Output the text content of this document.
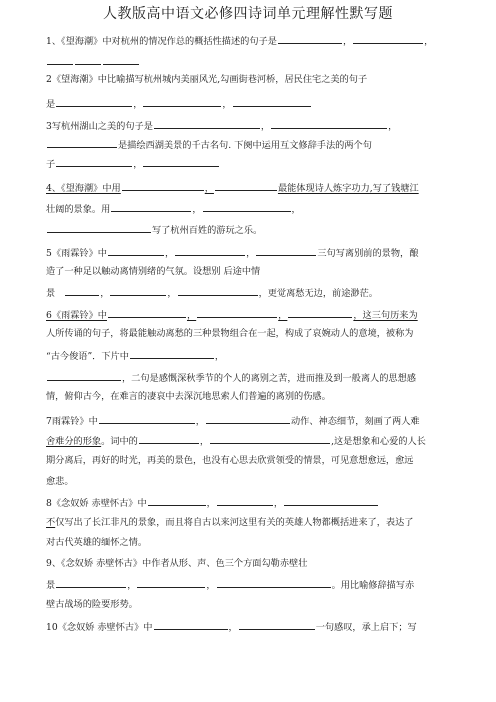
人教版高中语文必修四诗词单元理解性默写题
1、《望海潮》中对杭州的情况作总的概括性描述的句子是	，	，
2《望海潮》中比喻描写杭州城内美丽风光,勾画街巷河桥，居民住宅之美的句子
是	，	，
3写杭州湖山之美的句子是	，	，
是描绘西湖美景的千古名句. 下阕中运用互文修辞手法的两个句
子	，
4、《望海潮》中用	，	最能体现诗人炼字功力,写了钱塘江
壮阔的景象。用	，	，
写了杭州百姓的游玩之乐。
5《雨霖铃》中	，	，	三句写离别前的景物，酿
造了一种足以触动离情别绪的气氛。设想别 后途中情
景	，	，	，更觉离愁无边，前途渺茫。
6《雨霖铃》中	，	，	，这三句历来为
人所传诵的句子，将最能触动离愁的三种景物组合在一起，构成了哀婉动人的意境，被称为
“古今俊语”．下片中	，
，二句是感慨深秋季节的个人的离别之苦，进而推及到一般离人的思想感
情，俯仰古今，在难言的凄哀中去深沉地思索人们普遍的离别的伤感。
7雨霖铃》中	，	动作、神态细节，刻画了两人难
舍难分的形象。词中的	，	,这是想象和心爱的人长
期分离后，再好的时光，再美的景色，也没有心思去欣赏领受的情景，可见意想愈远，愈远
愈悲。
8《念奴娇 赤壁怀古》中	，	，
不仅写出了长江非凡的景象，而且将自古以来河这里有关的英雄人物都概括进来了，表达了
对古代英雄的缅怀之情。
9、《念奴娇 赤壁怀古》中作者从形、声、色三个方面勾勒赤壁壮
景	，	，	。用比喻修辞描写赤
壁古战场的险要形势。
10《念奴娇 赤壁怀古》中	，	一句感叹，承上启下；写
